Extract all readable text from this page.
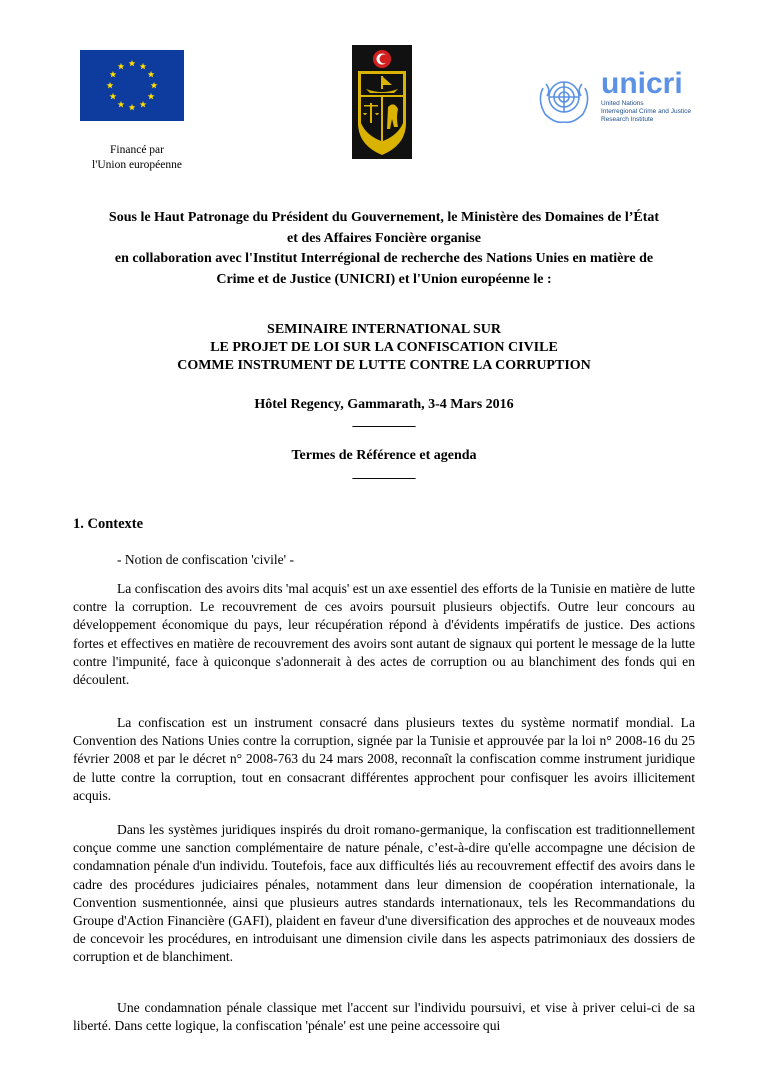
Financé par
l'Union européenne
unicri
United Nations
Interregional Crime and Justice
Research Institute
Sous le Haut Patronage du Président du Gouvernement, le Ministère des Domaines de l’État
et des Affaires Foncière organise
en collaboration avec l'Institut Interrégional de recherche des Nations Unies en matière de
Crime et de Justice (UNICRI) et l'Union européenne le :
SEMINAIRE INTERNATIONAL SUR
LE PROJET DE LOI SUR LA CONFISCATION CIVILE
COMME INSTRUMENT DE LUTTE CONTRE LA CORRUPTION
Hôtel Regency, Gammarath, 3-4 Mars 2016
_________
Termes de Référence et agenda
_________
1. Contexte
- Notion de confiscation 'civile' -

La confiscation des avoirs dits 'mal acquis' est un axe essentiel des efforts de la Tunisie en matière de lutte contre la corruption. Le recouvrement de ces avoirs poursuit plusieurs objectifs. Outre leur concours au développement économique du pays, leur récupération répond à d'évidents impératifs de justice. Des actions fortes et effectives en matière de recouvrement des avoirs sont autant de signaux qui portent le message de la lutte contre l'impunité, face à quiconque s'adonnerait à des actes de corruption ou au blanchiment des fonds qui en découlent.

La confiscation est un instrument consacré dans plusieurs textes du système normatif mondial. La Convention des Nations Unies contre la corruption, signée par la Tunisie et approuvée par la loi n° 2008-16 du 25 février 2008 et par le décret n° 2008-763 du 24 mars 2008, reconnaît la confiscation comme instrument juridique de lutte contre la corruption, tout en consacrant différentes approchent pour confisquer les avoirs illicitement acquis.

Dans les systèmes juridiques inspirés du droit romano-germanique, la confiscation est traditionnellement conçue comme une sanction complémentaire de nature pénale, c’est-à-dire qu'elle accompagne une décision de condamnation pénale d'un individu. Toutefois, face aux difficultés liés au recouvrement effectif des avoirs dans le cadre des procédures judiciaires pénales, notamment dans leur dimension de coopération internationale, la Convention susmentionnée, ainsi que plusieurs autres standards internationaux, tels les Recommandations du Groupe d'Action Financière (GAFI), plaident en faveur d'une diversification des approches et de nouveaux modes de concevoir les procédures, en introduisant une dimension civile dans les aspects patrimoniaux des dossiers de corruption et de blanchiment.

Une condamnation pénale classique met l'accent sur l'individu poursuivi, et vise à priver celui-ci de sa liberté. Dans cette logique, la confiscation 'pénale' est une peine accessoire qui
